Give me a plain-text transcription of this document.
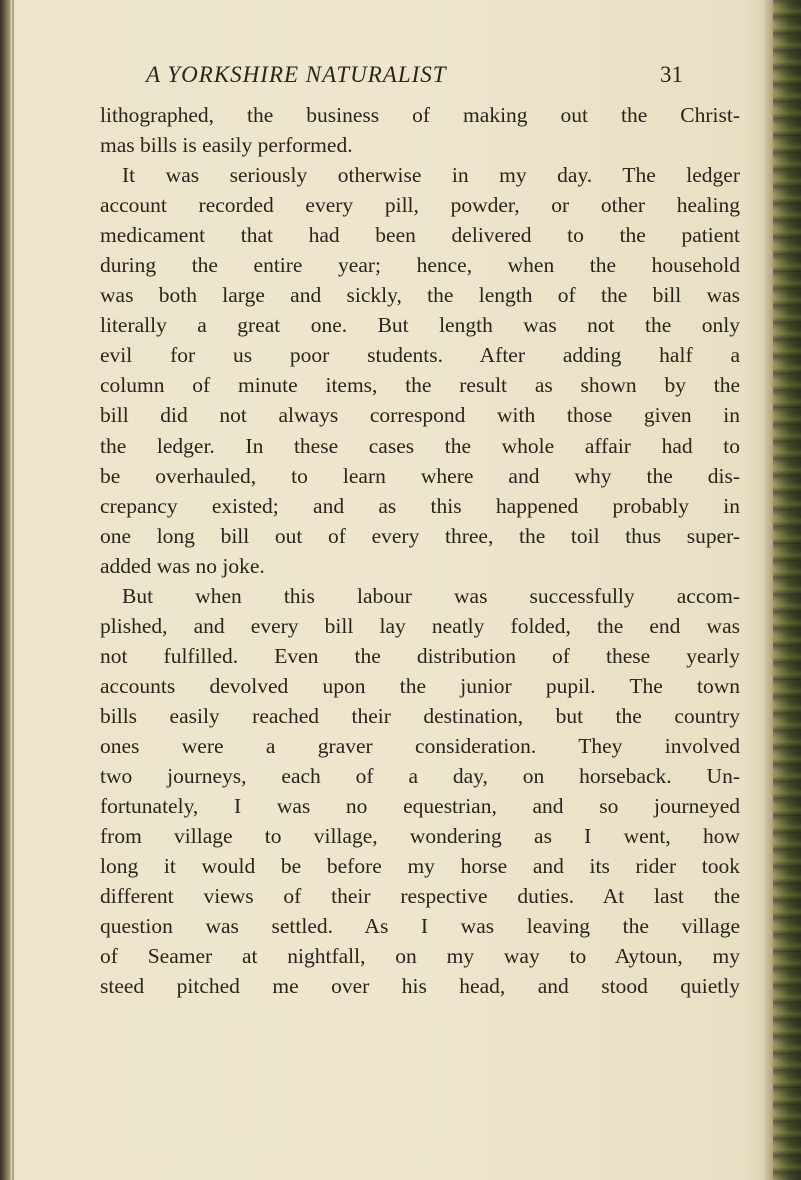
A YORKSHIRE NATURALIST	31
lithographed, the business of making out the Christ-
mas bills is easily performed.
It was seriously otherwise in my day. The ledger
account recorded every pill, powder, or other healing
medicament that had been delivered to the patient
during the entire year; hence, when the household
was both large and sickly, the length of the bill was
literally a great one. But length was not the only
evil for us poor students. After adding half a
column of minute items, the result as shown by the
bill did not always correspond with those given in
the ledger. In these cases the whole affair had to
be overhauled, to learn where and why the dis-
crepancy existed; and as this happened probably in
one long bill out of every three, the toil thus super-
added was no joke.
But when this labour was successfully accom-
plished, and every bill lay neatly folded, the end was
not fulfilled. Even the distribution of these yearly
accounts devolved upon the junior pupil. The town
bills easily reached their destination, but the country
ones were a graver consideration. They involved
two journeys, each of a day, on horseback. Un-
fortunately, I was no equestrian, and so journeyed
from village to village, wondering as I went, how
long it would be before my horse and its rider took
different views of their respective duties. At last the
question was settled. As I was leaving the village
of Seamer at nightfall, on my way to Aytoun, my
steed pitched me over his head, and stood quietly
